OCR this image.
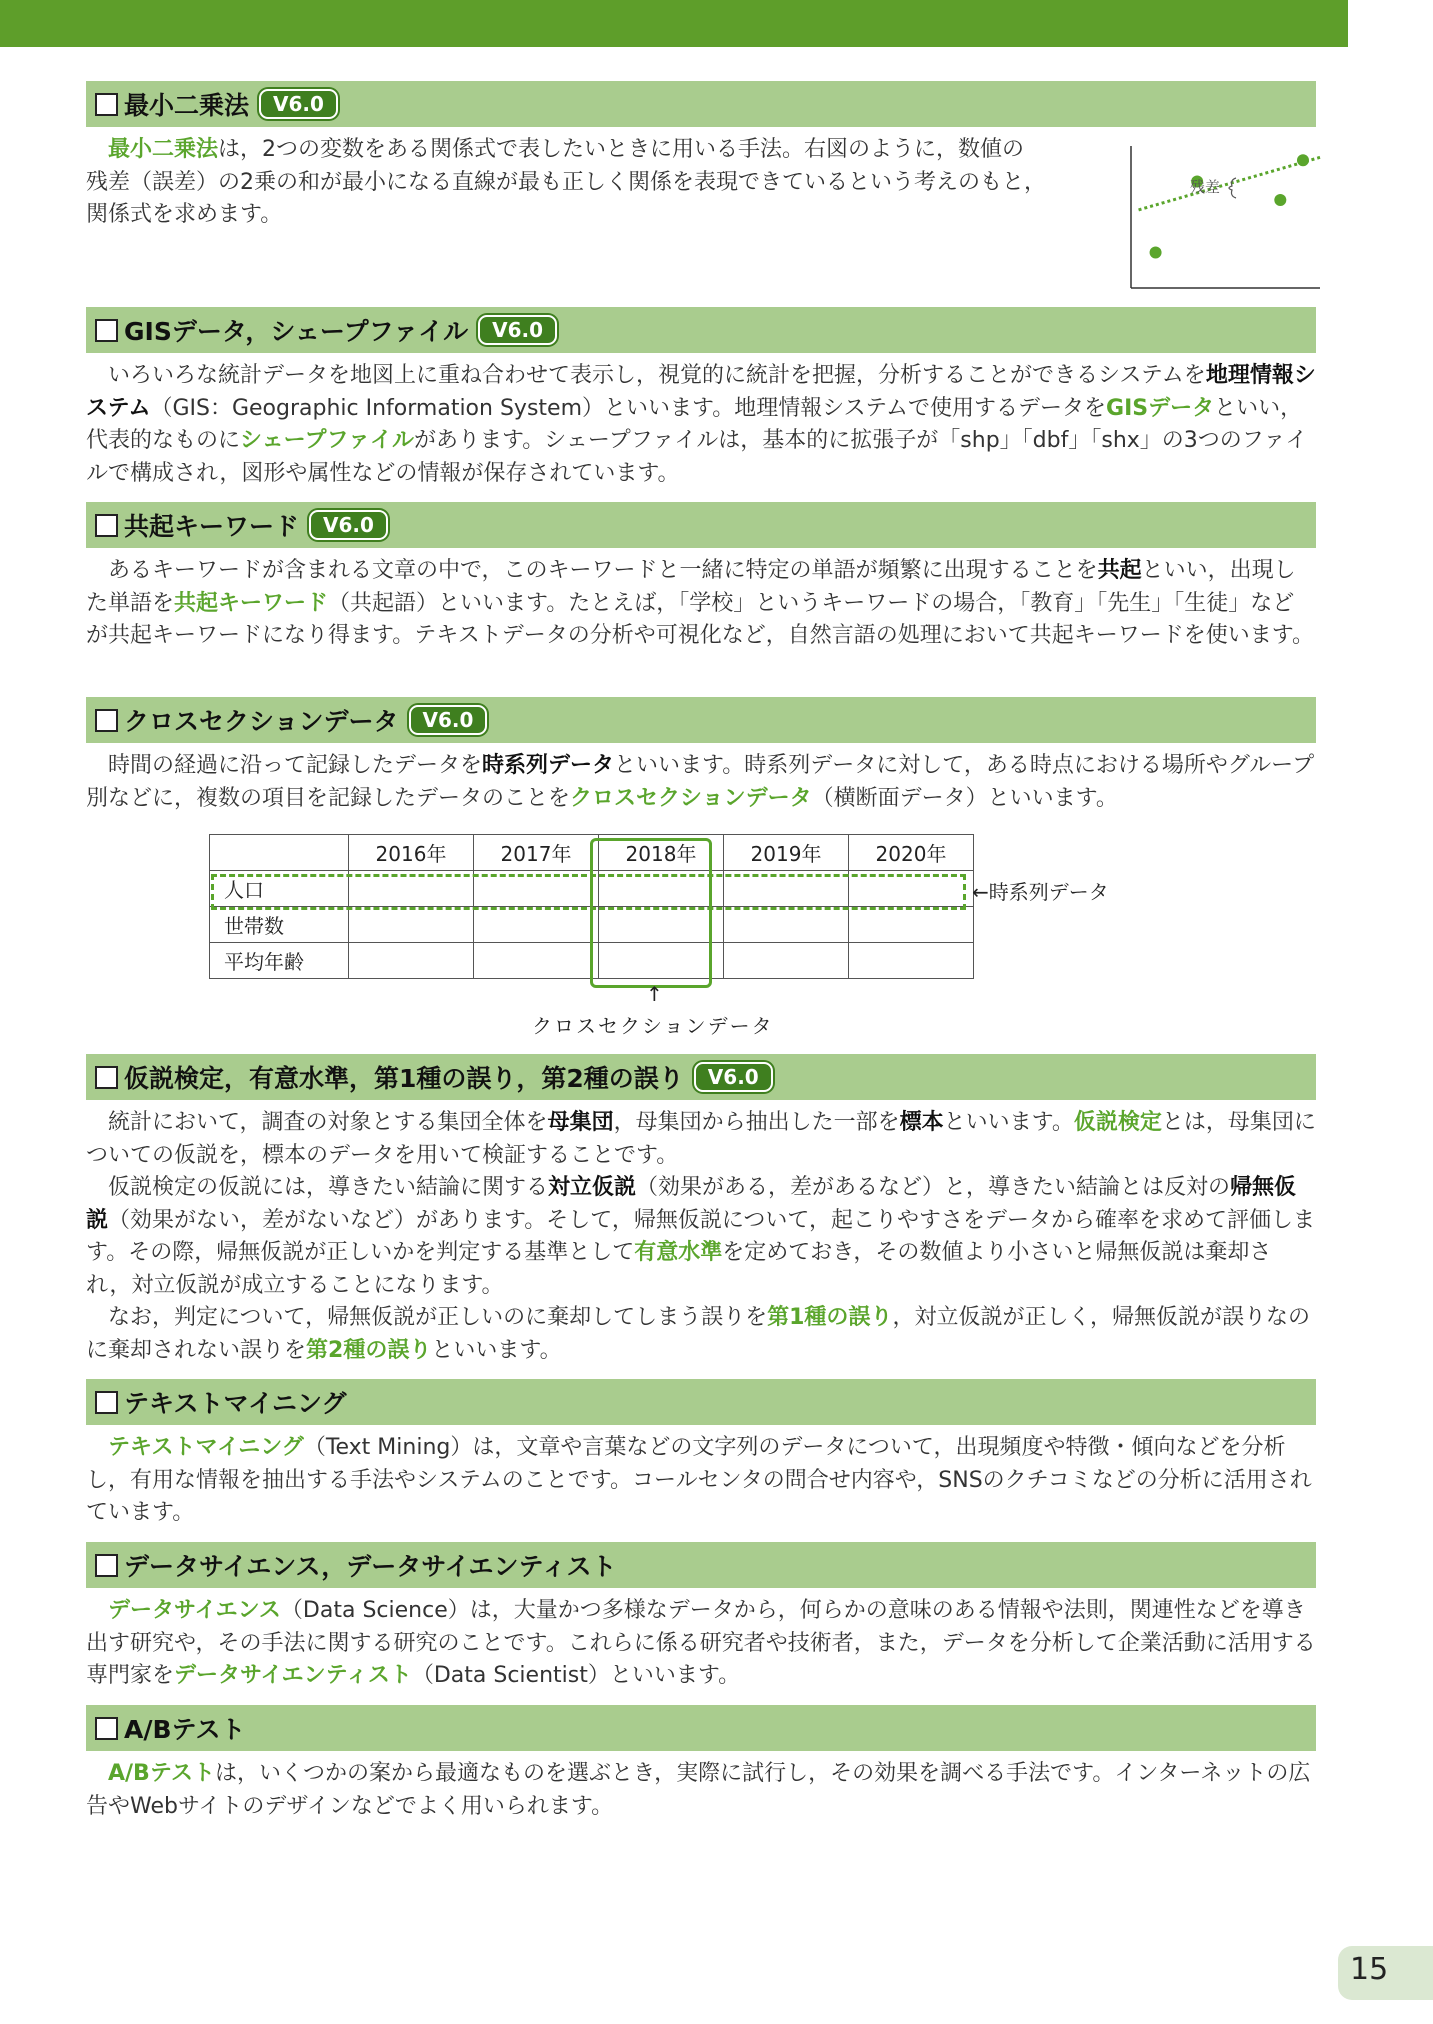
最小二乗法	V6.0

最小二乗法は，2つの変数をある関係式で表したいときに用いる手法。右図のように，数値の
残差（誤差）の2乗の和が最小になる直線が最も正しく関係を表現できているという考えのもと，
関係式を求めます。

残差
GISデータ，シェープファイル	V6.0

いろいろな統計データを地図上に重ね合わせて表示し，視覚的に統計を把握，分析することができるシステムを地理情報システム（GIS：Geographic Information System）といいます。地理情報システムで使用するデータをGISデータといい，代表的なものにシェープファイルがあります。シェープファイルは，基本的に拡張子が「shp」「dbf」「shx」の3つのファイルで構成され，図形や属性などの情報が保存されています。

共起キーワード	V6.0

あるキーワードが含まれる文章の中で，このキーワードと一緒に特定の単語が頻繁に出現することを共起といい，出現した単語を共起キーワード（共起語）といいます。たとえば，「学校」というキーワードの場合，「教育」「先生」「生徒」などが共起キーワードになり得ます。テキストデータの分析や可視化など，自然言語の処理において共起キーワードを使います。

クロスセクションデータ	V6.0

時間の経過に沿って記録したデータを時系列データといいます。時系列データに対して，ある時点における場所やグループ別などに，複数の項目を記録したデータのことをクロスセクションデータ（横断面データ）といいます。

	2016年	2017年	2018年	2019年	2020年
人口					
世帯数					
平均年齢					
←時系列データ
↑
クロスセクションデータ
仮説検定，有意水準，第1種の誤り，第2種の誤り	V6.0

統計において，調査の対象とする集団全体を母集団，母集団から抽出した一部を標本といいます。仮説検定とは，母集団についての仮説を，標本のデータを用いて検証することです。

仮説検定の仮説には，導きたい結論に関する対立仮説（効果がある，差があるなど）と，導きたい結論とは反対の帰無仮説（効果がない，差がないなど）があります。そして，帰無仮説について，起こりやすさをデータから確率を求めて評価します。その際，帰無仮説が正しいかを判定する基準として有意水準を定めておき，その数値より小さいと帰無仮説は棄却され，対立仮説が成立することになります。

なお，判定について，帰無仮説が正しいのに棄却してしまう誤りを第1種の誤り，対立仮説が正しく，帰無仮説が誤りなのに棄却されない誤りを第2種の誤りといいます。

テキストマイニング

テキストマイニング（Text Mining）は，文章や言葉などの文字列のデータについて，出現頻度や特徴・傾向などを分析し，有用な情報を抽出する手法やシステムのことです。コールセンタの問合せ内容や，SNSのクチコミなどの分析に活用されています。

データサイエンス，データサイエンティスト

データサイエンス（Data Science）は，大量かつ多様なデータから，何らかの意味のある情報や法則，関連性などを導き出す研究や，その手法に関する研究のことです。これらに係る研究者や技術者，また，データを分析して企業活動に活用する専門家をデータサイエンティスト（Data Scientist）といいます。

A/Bテスト

A/Bテストは，いくつかの案から最適なものを選ぶとき，実際に試行し，その効果を調べる手法です。インターネットの広告やWebサイトのデザインなどでよく用いられます。

15
